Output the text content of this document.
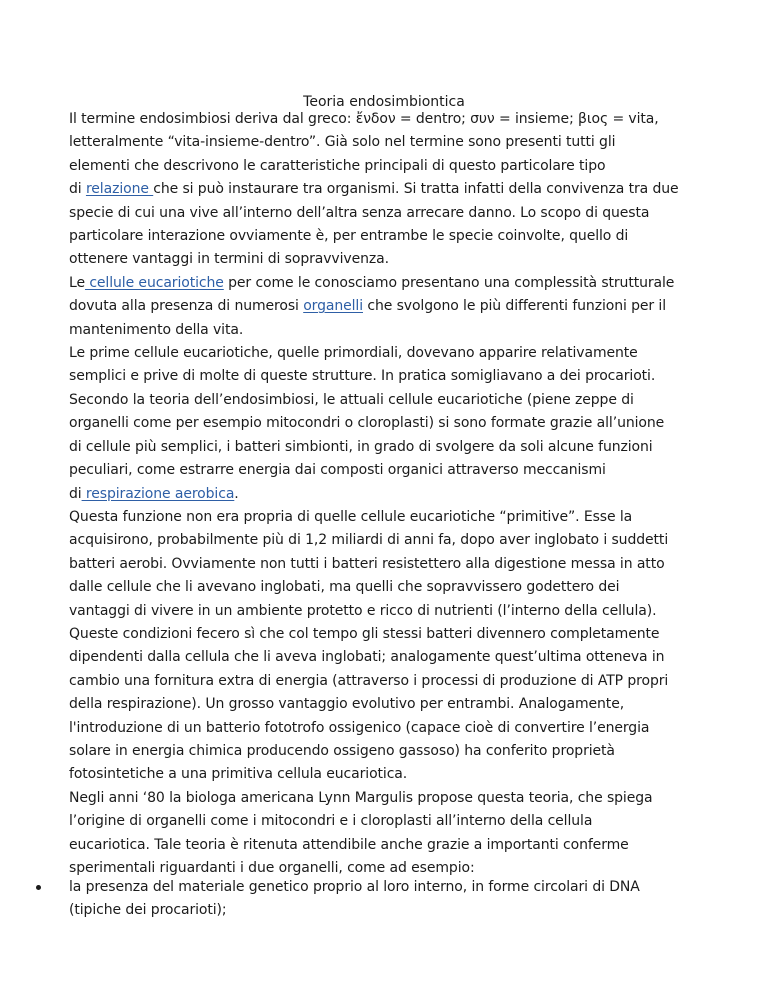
Teoria endosimbiontica
Il termine endosimbiosi deriva dal greco: ἔνδον = dentro; συν = insieme; βιος = vita,
letteralmente “vita-insieme-dentro”. Già solo nel termine sono presenti tutti gli
elementi che descrivono le caratteristiche principali di questo particolare tipo
di relazione che si può instaurare tra organismi. Si tratta infatti della convivenza tra due
specie di cui una vive all’interno dell’altra senza arrecare danno. Lo scopo di questa
particolare interazione ovviamente è, per entrambe le specie coinvolte, quello di
ottenere vantaggi in termini di sopravvivenza.
Le cellule eucariotiche per come le conosciamo presentano una complessità strutturale
dovuta alla presenza di numerosi organelli che svolgono le più differenti funzioni per il
mantenimento della vita.
Le prime cellule eucariotiche, quelle primordiali, dovevano apparire relativamente
semplici e prive di molte di queste strutture. In pratica somigliavano a dei procarioti.
Secondo la teoria dell’endosimbiosi, le attuali cellule eucariotiche (piene zeppe di
organelli come per esempio mitocondri o cloroplasti) si sono formate grazie all’unione
di cellule più semplici, i batteri simbionti, in grado di svolgere da soli alcune funzioni
peculiari, come estrarre energia dai composti organici attraverso meccanismi
di respirazione aerobica.
Questa funzione non era propria di quelle cellule eucariotiche “primitive”. Esse la
acquisirono, probabilmente più di 1,2 miliardi di anni fa, dopo aver inglobato i suddetti
batteri aerobi. Ovviamente non tutti i batteri resistettero alla digestione messa in atto
dalle cellule che li avevano inglobati, ma quelli che sopravvissero godettero dei
vantaggi di vivere in un ambiente protetto e ricco di nutrienti (l’interno della cellula).
Queste condizioni fecero sì che col tempo gli stessi batteri divennero completamente
dipendenti dalla cellula che li aveva inglobati; analogamente quest’ultima otteneva in
cambio una fornitura extra di energia (attraverso i processi di produzione di ATP propri
della respirazione). Un grosso vantaggio evolutivo per entrambi. Analogamente,
l'introduzione di un batterio fototrofo ossigenico (capace cioè di convertire l’energia
solare in energia chimica producendo ossigeno gassoso) ha conferito proprietà
fotosintetiche a una primitiva cellula eucariotica.
Negli anni ‘80 la biologa americana Lynn Margulis propose questa teoria, che spiega
l’origine di organelli come i mitocondri e i cloroplasti all’interno della cellula
eucariotica. Tale teoria è ritenuta attendibile anche grazie a importanti conferme
sperimentali riguardanti i due organelli, come ad esempio:
la presenza del materiale genetico proprio al loro interno, in forme circolari di DNA
(tipiche dei procarioti);
